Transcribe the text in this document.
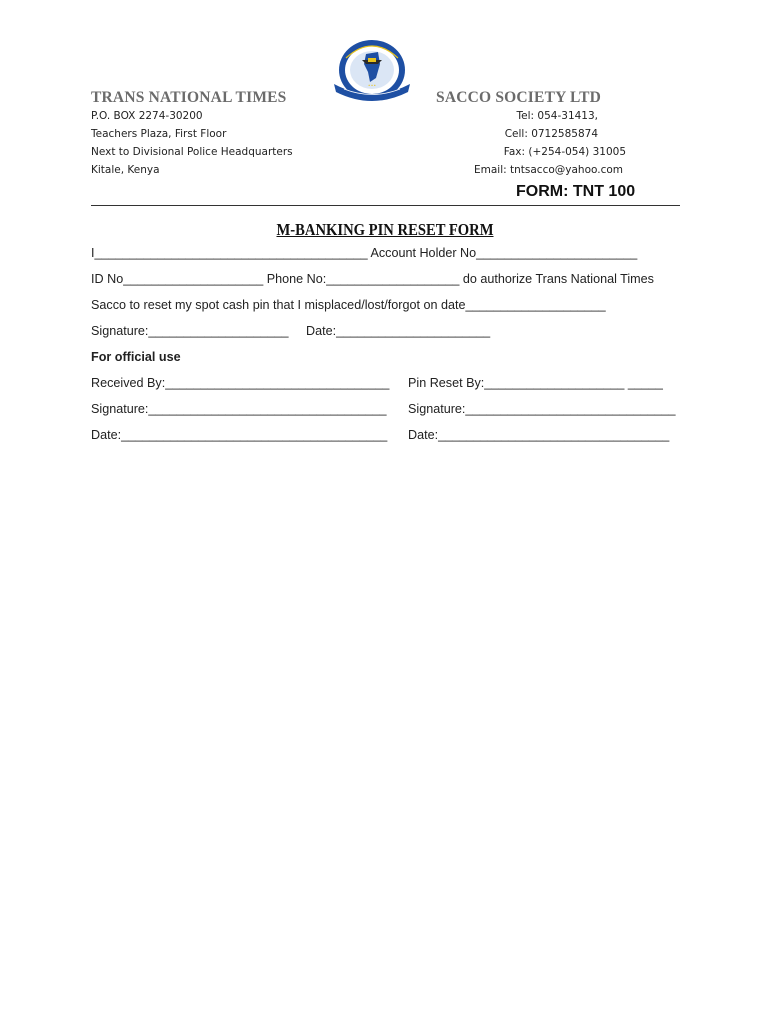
TRANS NATIONAL TIMES	SACCO SOCIETY LTD
• • •
P.O. BOX 2274-30200
Teachers Plaza, First Floor
Next to Divisional Police Headquarters
Kitale, Kenya
Tel: 054-31413,
Cell: 0712585874
Fax: (+254-054) 31005
Email: tntsacco@yahoo.com
FORM: TNT 100
M-BANKING PIN RESET FORM
I_______________________________________ Account Holder No_______________________
ID No____________________ Phone No:___________________ do authorize Trans National Times
Sacco to reset my spot cash pin that I misplaced/lost/forgot on date____________________
Signature:____________________ Date:______________________
For official use
Received By:________________________________
Signature:__________________________________
Date:______________________________________
Pin Reset By:____________________ _____
Signature:______________________________
Date:_________________________________
